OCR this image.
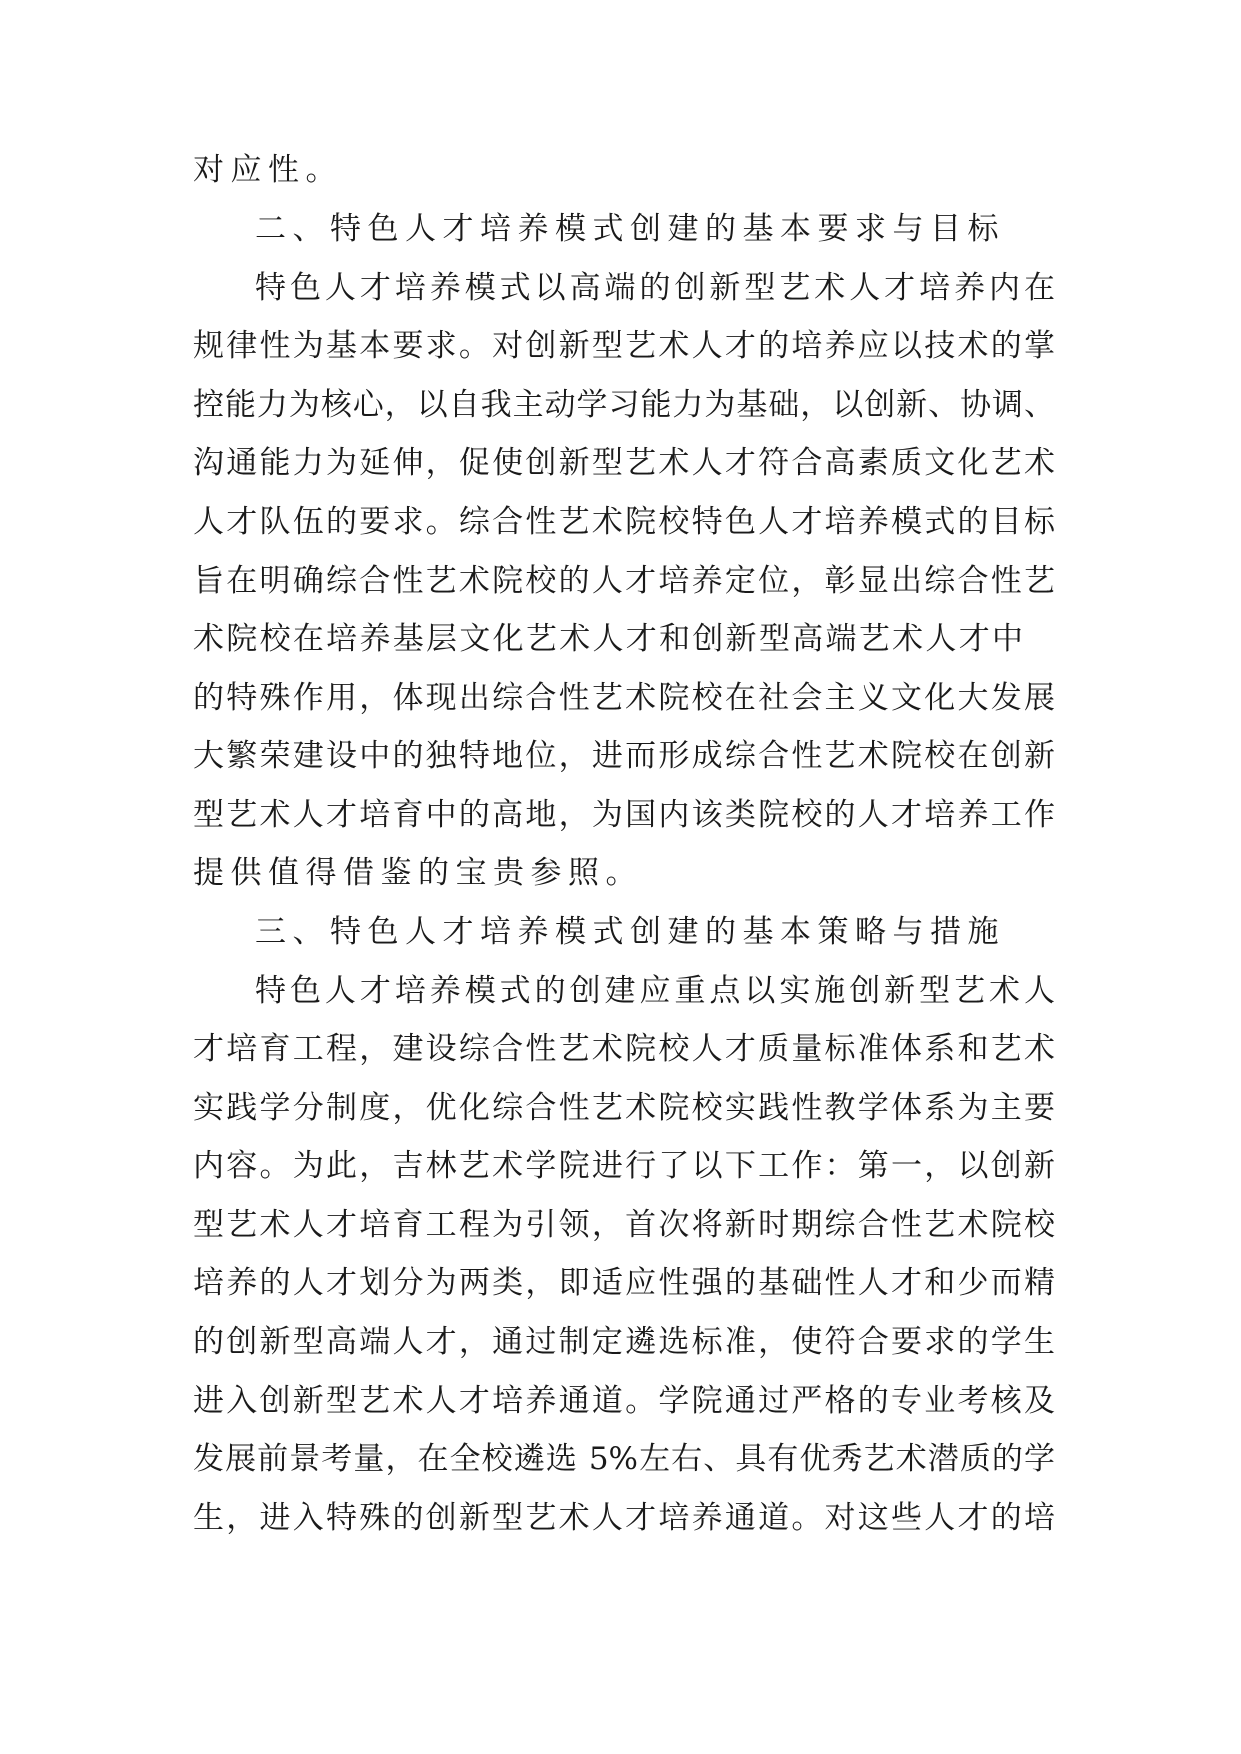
对应性。
二、特色人才培养模式创建的基本要求与目标
特色人才培养模式以高端的创新型艺术人才培养内在
规律性为基本要求。对创新型艺术人才的培养应以技术的掌
控能力为核心，以自我主动学习能力为基础，以创新、协调、
沟通能力为延伸，促使创新型艺术人才符合高素质文化艺术
人才队伍的要求。综合性艺术院校特色人才培养模式的目标
旨在明确综合性艺术院校的人才培养定位，彰显出综合性艺
术院校在培养基层文化艺术人才和创新型高端艺术人才中
的特殊作用，体现出综合性艺术院校在社会主义文化大发展
大繁荣建设中的独特地位，进而形成综合性艺术院校在创新
型艺术人才培育中的高地，为国内该类院校的人才培养工作
提供值得借鉴的宝贵参照。
三、特色人才培养模式创建的基本策略与措施
特色人才培养模式的创建应重点以实施创新型艺术人
才培育工程，建设综合性艺术院校人才质量标准体系和艺术
实践学分制度，优化综合性艺术院校实践性教学体系为主要
内容。为此，吉林艺术学院进行了以下工作：第一，以创新
型艺术人才培育工程为引领，首次将新时期综合性艺术院校
培养的人才划分为两类，即适应性强的基础性人才和少而精
的创新型高端人才，通过制定遴选标准，使符合要求的学生
进入创新型艺术人才培养通道。学院通过严格的专业考核及
发展前景考量，在全校遴选 5%左右、具有优秀艺术潜质的学
生，进入特殊的创新型艺术人才培养通道。对这些人才的培
